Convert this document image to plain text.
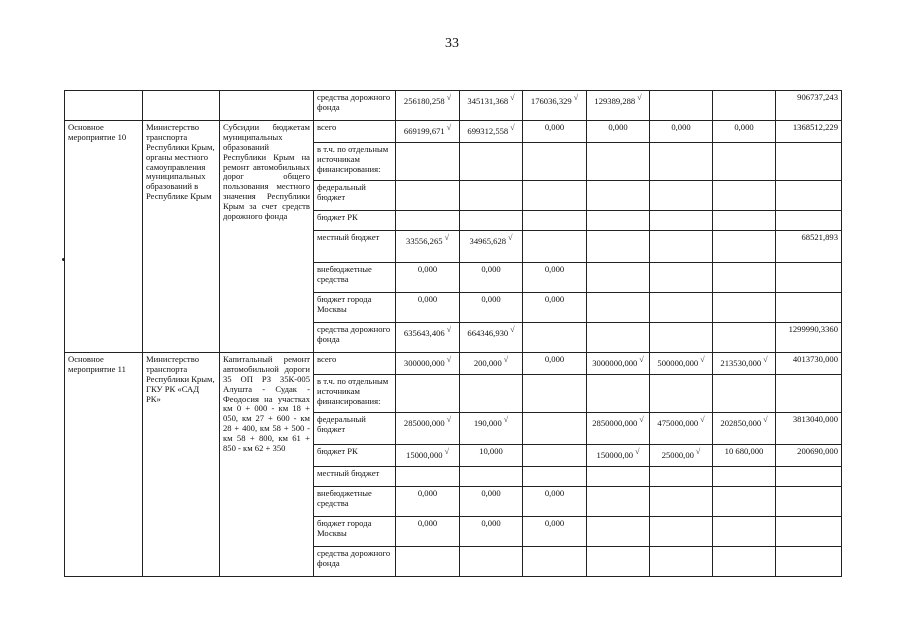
33
			средства дорожного фонда	256180,258 √	345131,368 √	176036,329 √	129389,288 √			906737,243
Основное мероприятие 10	Министерство транспорта Республики Крым, органы местного самоуправления муниципальных образований в Республике Крым	Субсидии бюджетам муниципальных образований Республики Крым на ремонт автомобильных дорог общего пользования местного значения Республики Крым за счет средств дорожного фонда	всего	669199,671 √	699312,558 √	0,000	0,000	0,000	0,000	1368512,229
			в т.ч. по отдельным источникам финансирования:							
			федеральный бюджет							
			бюджет РК							
			местный бюджет	33556,265 √	34965,628 √					68521,893
			внебюджетные средства	0,000	0,000	0,000				
			бюджет города Москвы	0,000	0,000	0,000				
			средства дорожного фонда	635643,406 √	664346,930 √					1299990,3360
Основное мероприятие 11	Министерство транспорта Республики Крым, ГКУ РК «САД РК»	Капитальный ремонт автомобильной дороги 35 ОП РЗ 35К-005 Алушта - Судак - Феодосия на участках км 0 + 000 - км 18 + 050, км 27 + 600 - км 28 + 400, км 58 + 500 - км 58 + 800, км 61 + 850 - км 62 + 350	всего	300000,000 √	200,000 √	0,000	3000000,000 √	500000,000 √	213530,000 √	4013730,000
			в т.ч. по отдельным источникам финансирования:							
			федеральный бюджет	285000,000 √	190,000 √		2850000,000 √	475000,000 √	202850,000 √	3813040,000
			бюджет РК	15000,000 √	10,000		150000,00 √	25000,00 √	10 680,000	200690,000
			местный бюджет							
			внебюджетные средства	0,000	0,000	0,000				
			бюджет города Москвы	0,000	0,000	0,000				
			средства дорожного фонда							
